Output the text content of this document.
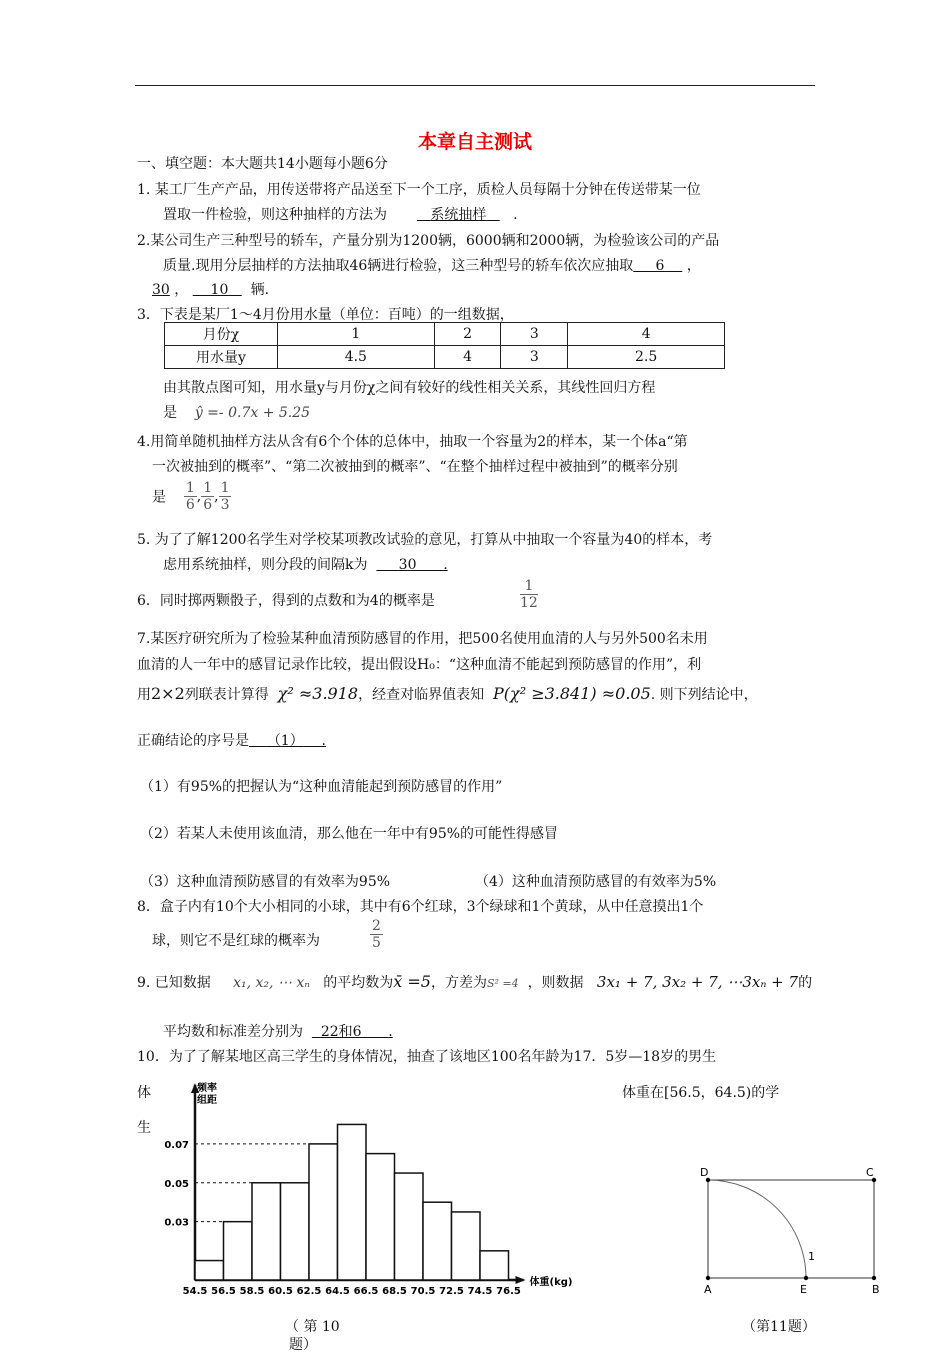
本章自主测试
一、填空题：本大题共14小题每小题6分
1. 某工厂生产产品，用传送带将产品送至下一个工序，质检人员每隔十分钟在传送带某一位
置取一件检验，则这种抽样的方法为	系统抽样 .
2.某公司生产三种型号的轿车，产量分别为1200辆，6000辆和2000辆，为检验该公司的产品
质量.现用分层抽样的方法抽取46辆进行检验，这三种型号的轿车依次应抽取 6     ，
30 ，     10 辆.
3．下表是某厂1～4月份用水量（单位：百吨）的一组数据，
月份χ	1	2	3	4
用水量y	4.5	4	3	2.5
由其散点图可知，用水量y与月份χ之间有较好的线性相关关系，其线性回归方程
是 ŷ =- 0.7x + 5.25
4.用简单随机抽样方法从含有6个个体的总体中，抽取一个容量为2的样本，某一个体a“第
一次被抽到的概率”、“第二次被抽到的概率”、“在整个抽样过程中被抽到”的概率分别
是 $\frac{1}{6}$ , $\frac{1}{6}$ , $\frac{1}{3}$
5. 为了了解1200名学生对学校某项教改试验的意见，打算从中抽取一个容量为40的样本，考
虑用系统抽样，则分段的间隔k为 30 .
6．同时掷两颗骰子，得到的点数和为4的概率是	$\frac{1}{12}$
7.某医疗研究所为了检验某种血清预防感冒的作用，把500名使用血清的人与另外500名未用
血清的人一年中的感冒记录作比较，提出假设H₀：“这种血清不能起到预防感冒的作用”，利
用2×2列联表计算得 χ² ≈3.918，经查对临界值表知 P(χ² ≥3.841) ≈0.05. 则下列结论中，
正确结论的序号是 （1） .
（1）有95%的把握认为“这种血清能起到预防感冒的作用”
（2）若某人未使用该血清，那么他在一年中有95%的可能性得感冒
（3）这种血清预防感冒的有效率为95%	（4）这种血清预防感冒的有效率为5%
8．盒子内有10个大小相同的小球，其中有6个红球，3个绿球和1个黄球，从中任意摸出1个
球，则它不是红球的概率为	$\frac{2}{5}$
9. 已知数据 x₁, x₂, ⋯ xₙ 的平均数为x̄ =5，方差为S² =4 ，则数据 3x₁ + 7, 3x₂ + 7, ⋯3xₙ + 7的
平均数和标准差分别为 22和6 .
10．为了了解某地区高三学生的身体情况，抽查了该地区100名年龄为17．5岁—18岁的男生
体
生
体重在[56.5，64.5)的学
0.03
0.05
0.07
54.5 56.5 58.5 60.5 62.5 64.5 66.5 68.5 70.5 72.5 74.5 76.5
频率
组距
体重(kg)
D	C
A	E	B
1
（ 第 10
题）
（第11题）
